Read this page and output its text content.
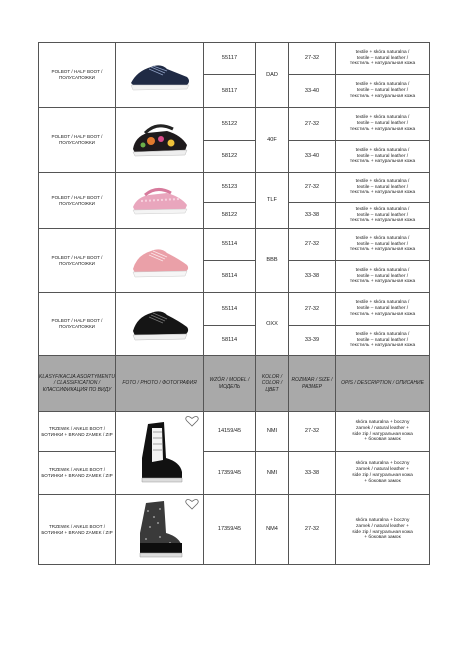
POLBOT / HALF BOOT / ПОЛУСАПОЖКИ		55117	DAD	27-32	textile + skóra naturalna /
textile – natural leather /
текстиль + натуральная кожа

		58117		33-40	textile + skóra naturalna /
textile – natural leather /
текстиль + натуральная кожа

POLBOT / HALF BOOT / ПОЛУСАПОЖКИ		55122	40F	27-32	textile + skóra naturalna /
textile – natural leather /
текстиль + натуральная кожа

		58122		33-40	textile + skóra naturalna /
textile – natural leather /
текстиль + натуральная кожа

POLBOT / HALF BOOT / ПОЛУСАПОЖКИ		55123	TLF	27-32	textile + skóra naturalna /
textile – natural leather /
текстиль + натуральная кожа

		58122		33-38	textile + skóra naturalna /
textile – natural leather /
текстиль + натуральная кожа

POLBOT / HALF BOOT / ПОЛУСАПОЖКИ		55114	BBB	27-32	textile + skóra naturalna /
textile – natural leather /
текстиль + натуральная кожа

		58114		33-38	textile + skóra naturalna /
textile – natural leather /
текстиль + натуральная кожа

POLBOT / HALF BOOT / ПОЛУСАПОЖКИ		55114	OXX	27-32	textile + skóra naturalna /
textile – natural leather /
текстиль + натуральная кожа

		58114		33-39	textile + skóra naturalna /
textile – natural leather /
текстиль + натуральная кожа

KLASYFIKACJA ASORTYMENTU / CLASSIFICATION / КЛАССИФИКАЦИЯ ПО ВИДУ	FOTO / PHOTO / ФОТОГРАФИЯ	WZÓR / MODEL / МОДЕЛЬ	KOLOR / COLOR / ЦВЕТ	ROZMIAR / SIZE / РАЗМЕР	OPIS / DESCRIPTION / ОПИСАНИЕ
TRZEWIK / ANKLE BOOT / БОТИНКИ + BRAND ZAMEK / ZIP		14159/45	NMI	27-32	skóra naturalna + boczny
zamek / natural leather +
side zip / натуральная кожа
+ боковая замок

TRZEWIK / ANKLE BOOT / БОТИНКИ + BRAND ZAMEK / ZIP		17359/45	NMI	33-38	skóra naturalna + boczny
zamek / natural leather +
side zip / натуральная кожа
+ боковая замок

TRZEWIK / ANKLE BOOT / БОТИНКИ + BRAND ZAMEK / ZIP		17359/45	NM4	27-32	skóra naturalna + boczny
zamek / natural leather +
side zip / натуральная кожа
+ боковая замок
